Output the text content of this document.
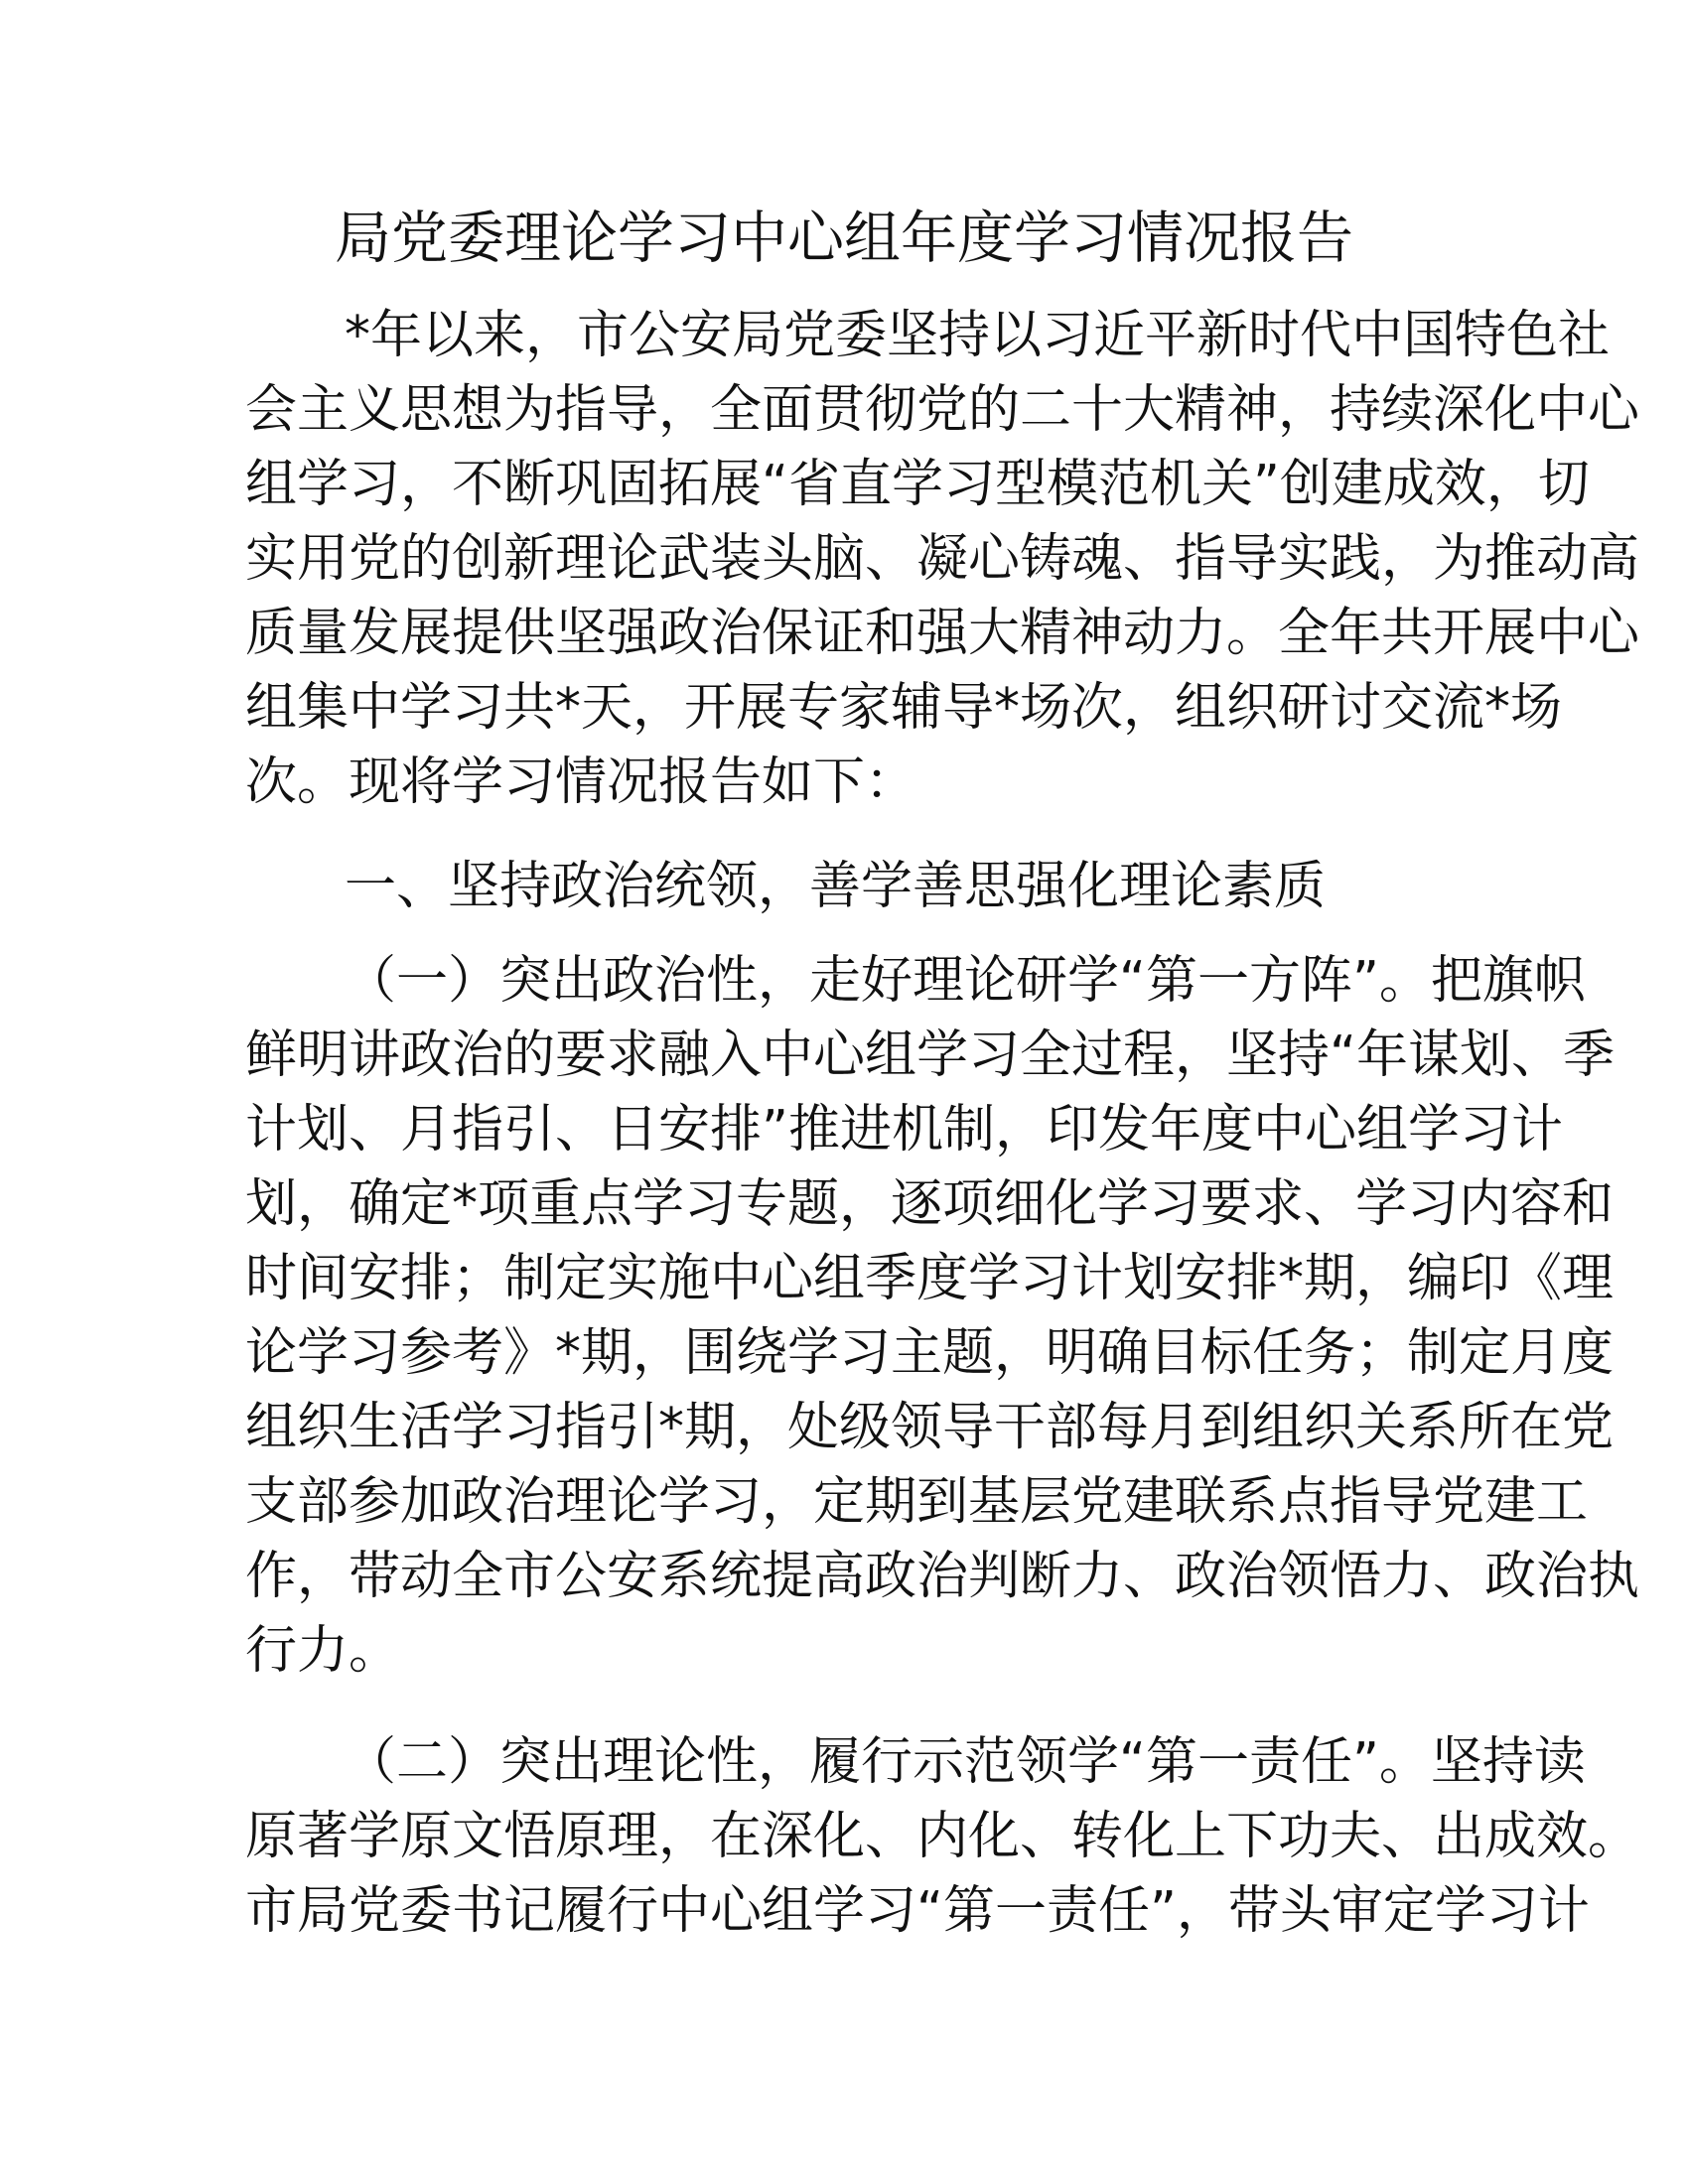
局党委理论学习中心组年度学习情况报告
*年以来，市公安局党委坚持以习近平新时代中国特色社
会主义思想为指导，全面贯彻党的二十大精神，持续深化中心
组学习，不断巩固拓展“省直学习型模范机关”创建成效，切
实用党的创新理论武装头脑、凝心铸魂、指导实践，为推动高
质量发展提供坚强政治保证和强大精神动力。全年共开展中心
组集中学习共*天，开展专家辅导*场次，组织研讨交流*场
次。现将学习情况报告如下：
一、坚持政治统领，善学善思强化理论素质
（一）突出政治性，走好理论研学“第一方阵”。把旗帜
鲜明讲政治的要求融入中心组学习全过程，坚持“年谋划、季
计划、月指引、日安排”推进机制，印发年度中心组学习计
划，确定*项重点学习专题，逐项细化学习要求、学习内容和
时间安排；制定实施中心组季度学习计划安排*期，编印《理
论学习参考》*期，围绕学习主题，明确目标任务；制定月度
组织生活学习指引*期，处级领导干部每月到组织关系所在党
支部参加政治理论学习，定期到基层党建联系点指导党建工
作，带动全市公安系统提高政治判断力、政治领悟力、政治执
行力。
（二）突出理论性，履行示范领学“第一责任”。坚持读
原著学原文悟原理，在深化、内化、转化上下功夫、出成效。
市局党委书记履行中心组学习“第一责任”，带头审定学习计
